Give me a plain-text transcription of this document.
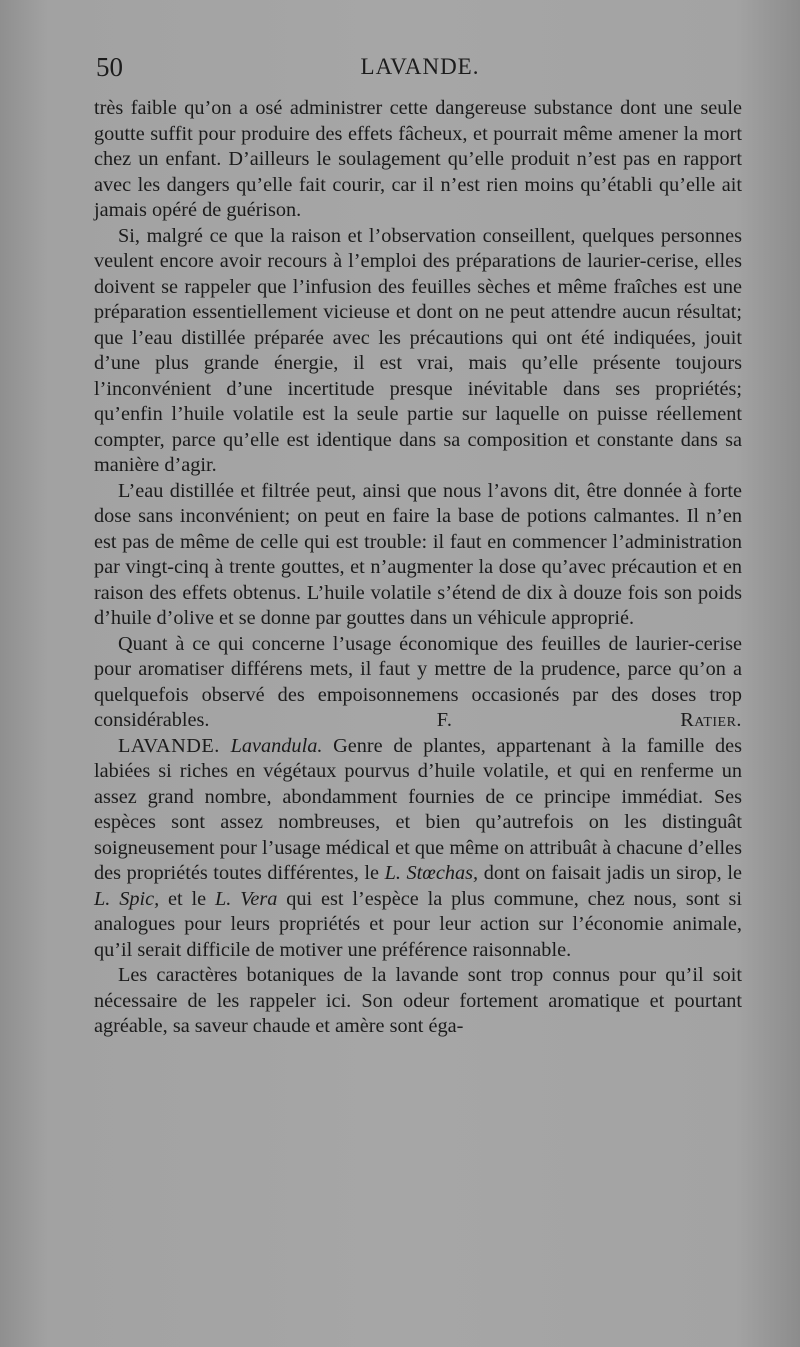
50	LAVANDE.

très faible qu’on a osé administrer cette dangereuse substance dont une seule goutte suffit pour produire des effets fâcheux, et pourrait même amener la mort chez un enfant. D’ailleurs le soulagement qu’elle produit n’est pas en rapport avec les dangers qu’elle fait courir, car il n’est rien moins qu’établi qu’elle ait jamais opéré de guérison.

Si, malgré ce que la raison et l’observation conseillent, quelques personnes veulent encore avoir recours à l’emploi des préparations de laurier-cerise, elles doivent se rappeler que l’infusion des feuilles sèches et même fraîches est une préparation essentiellement vicieuse et dont on ne peut attendre aucun résultat; que l’eau distillée préparée avec les précautions qui ont été indiquées, jouit d’une plus grande énergie, il est vrai, mais qu’elle présente toujours l’inconvénient d’une incertitude presque inévitable dans ses propriétés; qu’enfin l’huile volatile est la seule partie sur laquelle on puisse réellement compter, parce qu’elle est identique dans sa composition et constante dans sa manière d’agir.

L’eau distillée et filtrée peut, ainsi que nous l’avons dit, être donnée à forte dose sans inconvénient; on peut en faire la base de potions calmantes. Il n’en est pas de même de celle qui est trouble: il faut en commencer l’administration par vingt-cinq à trente gouttes, et n’augmenter la dose qu’avec précaution et en raison des effets obtenus. L’huile volatile s’étend de dix à douze fois son poids d’huile d’olive et se donne par gouttes dans un véhicule approprié.

Quant à ce qui concerne l’usage économique des feuilles de laurier-cerise pour aromatiser différens mets, il faut y mettre de la prudence, parce qu’on a quelquefois observé des empoisonnemens occasionés par des doses trop considérables.	F. Ratier.

LAVANDE. Lavandula. Genre de plantes, appartenant à la famille des labiées si riches en végétaux pourvus d’huile volatile, et qui en renferme un assez grand nombre, abondamment fournies de ce principe immédiat. Ses espèces sont assez nombreuses, et bien qu’autrefois on les distinguât soigneusement pour l’usage médical et que même on attribuât à chacune d’elles des propriétés toutes différentes, le L. Stœchas, dont on faisait jadis un sirop, le L. Spic, et le L. Vera qui est l’espèce la plus commune, chez nous, sont si analogues pour leurs propriétés et pour leur action sur l’économie animale, qu’il serait difficile de motiver une préférence raisonnable.

Les caractères botaniques de la lavande sont trop connus pour qu’il soit nécessaire de les rappeler ici. Son odeur fortement aromatique et pourtant agréable, sa saveur chaude et amère sont éga-
